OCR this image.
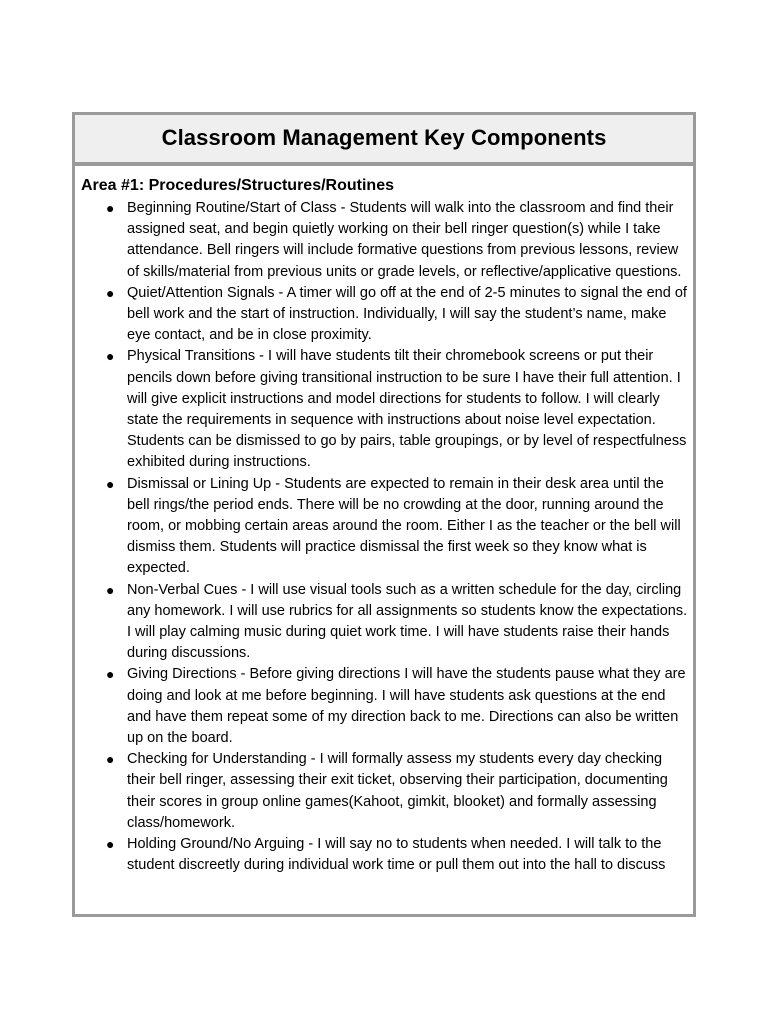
Classroom Management Key Components
Area #1: Procedures/Structures/Routines
● Beginning Routine/Start of Class - Students will walk into the classroom and find their assigned seat, and begin quietly working on their bell ringer question(s) while I take attendance. Bell ringers will include formative questions from previous lessons, review of skills/material from previous units or grade levels, or reflective/applicative questions.
● Quiet/Attention Signals - A timer will go off at the end of 2-5 minutes to signal the end of bell work and the start of instruction. Individually, I will say the student’s name, make eye contact, and be in close proximity.
● Physical Transitions - I will have students tilt their chromebook screens or put their pencils down before giving transitional instruction to be sure I have their full attention. I will give explicit instructions and model directions for students to follow. I will clearly state the requirements in sequence with instructions about noise level expectation. Students can be dismissed to go by pairs, table groupings, or by level of respectfulness exhibited during instructions.
● Dismissal or Lining Up - Students are expected to remain in their desk area until the bell rings/the period ends. There will be no crowding at the door, running around the room, or mobbing certain areas around the room. Either I as the teacher or the bell will dismiss them. Students will practice dismissal the first week so they know what is expected.
● Non-Verbal Cues - I will use visual tools such as a written schedule for the day, circling any homework. I will use rubrics for all assignments so students know the expectations. I will play calming music during quiet work time. I will have students raise their hands during discussions.
● Giving Directions - Before giving directions I will have the students pause what they are doing and look at me before beginning. I will have students ask questions at the end and have them repeat some of my direction back to me. Directions can also be written up on the board.
● Checking for Understanding - I will formally assess my students every day checking their bell ringer, assessing their exit ticket, observing their participation, documenting their scores in group online games(Kahoot, gimkit, blooket) and formally assessing class/homework.
● Holding Ground/No Arguing - I will say no to students when needed. I will talk to the student discreetly during individual work time or pull them out into the hall to discuss
